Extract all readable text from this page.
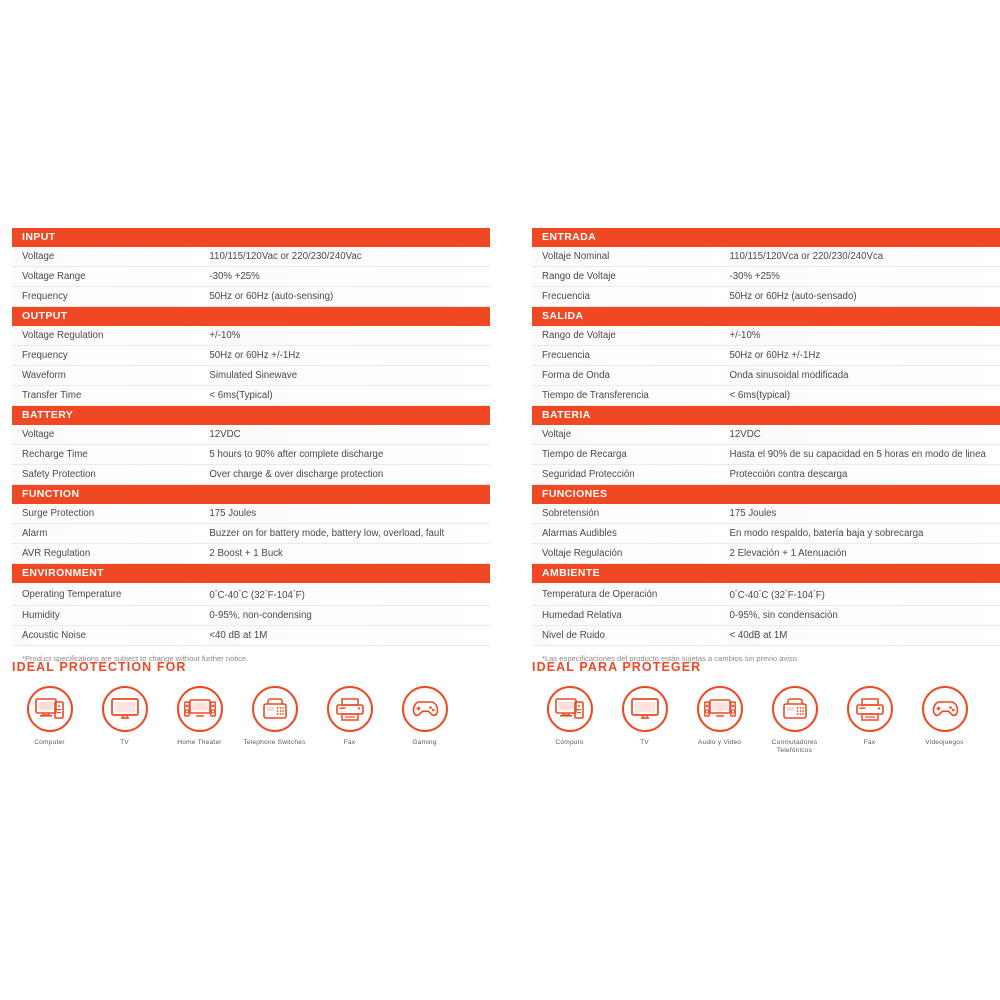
INPUT	
Voltage	110/115/120Vac or 220/230/240Vac
Voltage Range	-30% +25%
Frequency	50Hz or 60Hz (auto-sensing)
OUTPUT	
Voltage Regulation	+/-10%
Frequency	50Hz or 60Hz +/-1Hz
Waveform	Simulated Sinewave
Transfer Time	< 6ms(Typical)
BATTERY	
Voltage	12VDC
Recharge Time	5 hours to 90% after complete discharge
Safety Protection	Over charge & over discharge protection
FUNCTION	
Surge Protection	175 Joules
Alarm	Buzzer on for battery mode, battery low, overload, fault
AVR Regulation	2 Boost + 1 Buck
ENVIRONMENT	
Operating Temperature	0°C-40°C (32°F-104°F)
Humidity	0-95%, non-condensing
Acoustic Noise	<40 dB at 1M
*Product specifications are subject to change without further notice.
ENTRADA	
Voltaje Nominal	110/115/120Vca or 220/230/240Vca
Rango de Voltaje	-30% +25%
Frecuencia	50Hz or 60Hz (auto-sensado)
SALIDA	
Rango de Voltaje	+/-10%
Frecuencia	50Hz or 60Hz +/-1Hz
Forma de Onda	Onda sinusoidal modificada
Tiempo de Transferencia	< 6ms(typical)
BATERIA	
Voltaje	12VDC
Tiempo de Recarga	Hasta el 90% de su capacidad en 5 horas en modo de linea
Seguridad Protección	Protección contra descarga
FUNCIONES	
Sobretensión	175 Joules
Alarmas Audibles	En modo respaldo, batería baja y sobrecarga
Voltaje Regulación	2 Elevación + 1 Atenuación
AMBIENTE	
Temperatura de Operación	0°C-40°C (32°F-104°F)
Humedad Relativa	0-95%, sin condensación
Nivel de Ruido	< 40dB at 1M
*Las especificaciones del producto están sujetas a cambios sin previo aviso.
IDEAL PROTECTION FOR
Computer	TV	Home Theater	Telephone Switches	Fax	Gaming
IDEAL PARA PROTEGER
Cómputo	TV	Audio y Video	Conmutadores Telefónicos
Fax	Videojuegos
